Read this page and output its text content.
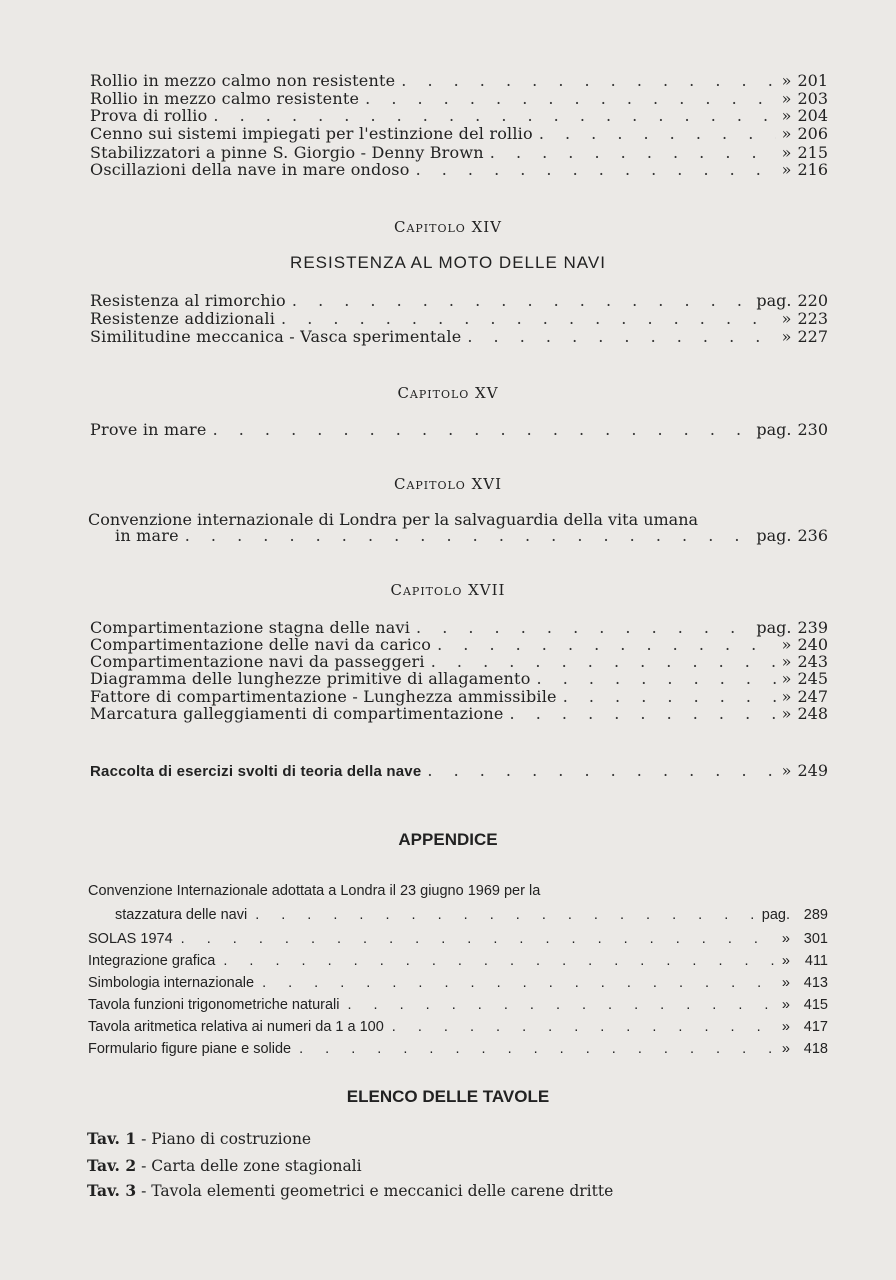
Rollio in mezzo calmo non resistente . . .	» 201
Rollio in mezzo calmo resistente . . .	» 203
Prova di rollio . . .	» 204
Cenno sui sistemi impiegati per l'estinzione del rollio . . .	» 206
Stabilizzatori a pinne S. Giorgio - Denny Brown . . .	» 215
Oscillazioni della nave in mare ondoso . . .	» 216
Capitolo XIV
RESISTENZA AL MOTO DELLE NAVI
Resistenza al rimorchio . . .	pag. 220
Resistenze addizionali . . .	» 223
Similitudine meccanica - Vasca sperimentale . . .	» 227
Capitolo XV
Prove in mare . . .	pag. 230
Capitolo XVI
Convenzione internazionale di Londra per la salvaguardia della vita umana
in mare . . .	pag. 236
Capitolo XVII
Compartimentazione stagna delle navi . . .	pag. 239
Compartimentazione delle navi da carico . . .	» 240
Compartimentazione navi da passeggeri . . .	» 243
Diagramma delle lunghezze primitive di allagamento . . .	» 245
Fattore di compartimentazione - Lunghezza ammissibile . . .	» 247
Marcatura galleggiamenti di compartimentazione . . .	» 248
Raccolta di esercizi svolti di teoria della nave . . .	» 249
APPENDICE
Convenzione Internazionale adottata a Londra il 23 giugno 1969 per la
stazzatura delle navi . . .	pag. 289
SOLAS 1974 . . .	» 301
Integrazione grafica . . .	»	411
Simbologia internazionale . . .	» 413
Tavola funzioni trigonometriche naturali . . .	» 415
Tavola aritmetica relativa ai numeri da 1 a 100 . . .	» 417
Formulario figure piane e solide . . .	» 418
ELENCO DELLE TAVOLE
Tav. 1 - Piano di costruzione
Tav. 2 - Carta delle zone stagionali
Tav. 3 - Tavola elementi geometrici e meccanici delle carene dritte
